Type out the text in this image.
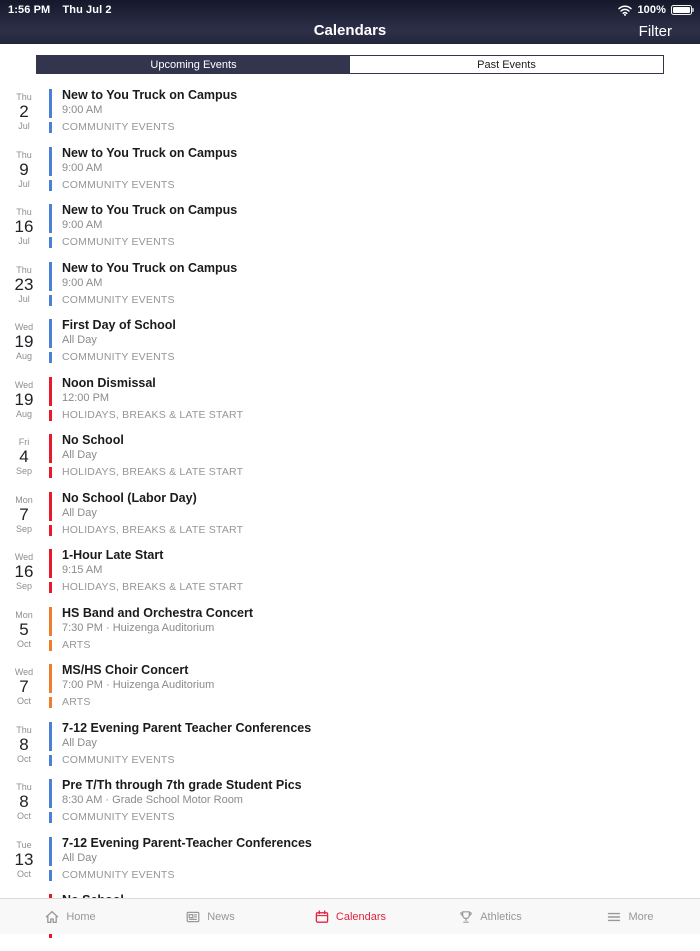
1:56 PM Thu Jul 2	100%
Calendars	Filter
Upcoming Events	Past Events
Thu
2
Jul
New to You Truck on Campus
9:00 AM
COMMUNITY EVENTS
Thu
9
Jul
New to You Truck on Campus
9:00 AM
COMMUNITY EVENTS
Thu
16
Jul
New to You Truck on Campus
9:00 AM
COMMUNITY EVENTS
Thu
23
Jul
New to You Truck on Campus
9:00 AM
COMMUNITY EVENTS
Wed
19
Aug
First Day of School
All Day
COMMUNITY EVENTS
Wed
19
Aug
Noon Dismissal
12:00 PM
HOLIDAYS, BREAKS & LATE START
Fri
4
Sep
No School
All Day
HOLIDAYS, BREAKS & LATE START
Mon
7
Sep
No School (Labor Day)
All Day
HOLIDAYS, BREAKS & LATE START
Wed
16
Sep
1-Hour Late Start
9:15 AM
HOLIDAYS, BREAKS & LATE START
Mon
5
Oct
HS Band and Orchestra Concert
7:30 PM · Huizenga Auditorium
ARTS
Wed
7
Oct
MS/HS Choir Concert
7:00 PM · Huizenga Auditorium
ARTS
Thu
8
Oct
7-12 Evening Parent Teacher Conferences
All Day
COMMUNITY EVENTS
Thu
8
Oct
Pre T/Th through 7th grade Student Pics
8:30 AM · Grade School Motor Room
COMMUNITY EVENTS
Tue
13
Oct
7-12 Evening Parent-Teacher Conferences
All Day
COMMUNITY EVENTS
Home	News	Calendars	Athletics	More
